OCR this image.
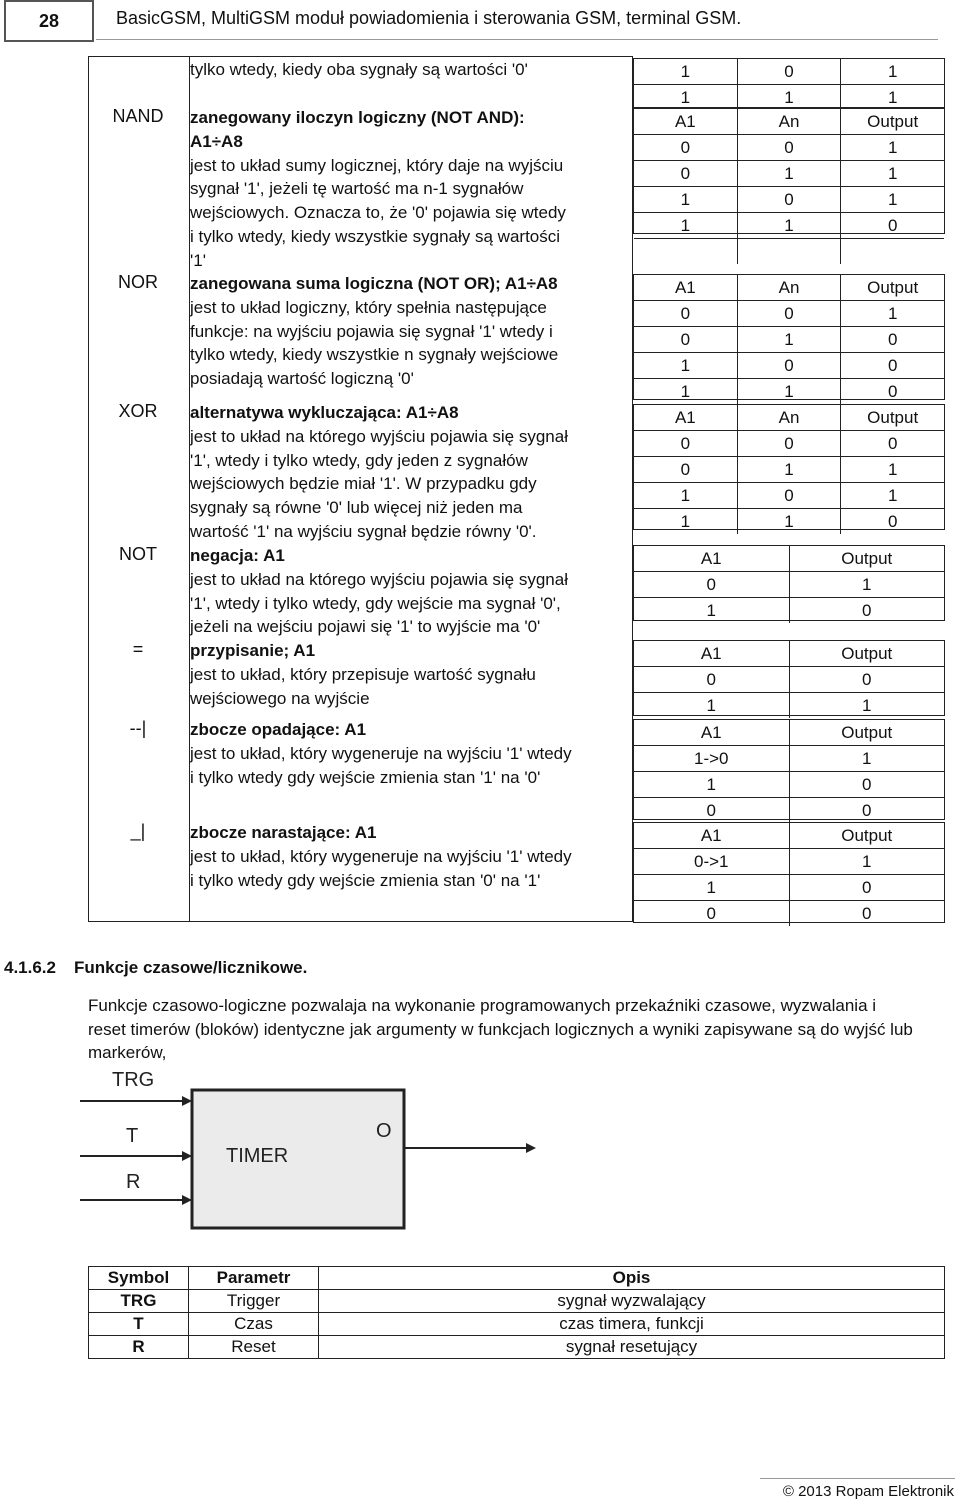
28	BasicGSM, MultiGSM moduł powiadomienia i sterowania GSM, terminal GSM.
tylko wtedy, kiedy oba sygnały są wartości '0'
NAND	zanegowany iloczyn logiczny (NOT AND):
A1÷A8
jest to układ sumy logicznej, który daje na wyjściu
sygnał '1', jeżeli tę wartość ma n-1 sygnałów
wejściowych. Oznacza to, że '0' pojawia się wtedy
i tylko wtedy, kiedy wszystkie sygnały są wartości
'1'
NOR	zanegowana suma logiczna (NOT OR); A1÷A8
jest to układ logiczny, który spełnia następujące
funkcje: na wyjściu pojawia się sygnał '1' wtedy i
tylko wtedy, kiedy wszystkie n sygnały wejściowe
posiadają wartość logiczną '0'
XOR	alternatywa wykluczająca: A1÷A8
jest to układ na którego wyjściu pojawia się sygnał
'1', wtedy i tylko wtedy, gdy jeden z sygnałów
wejściowych będzie miał '1'. W przypadku gdy
sygnały są równe '0' lub więcej niż jeden ma
wartość '1' na wyjściu sygnał będzie równy '0'.
NOT	negacja: A1
jest to układ na którego wyjściu pojawia się sygnał
'1', wtedy i tylko wtedy, gdy wejście ma sygnał '0',
jeżeli na wejściu pojawi się '1' to wyjście ma '0'
=	przypisanie; A1
jest to układ, który przepisuje wartość sygnału
wejściowego na wyjście
--|	zbocze opadające: A1
jest to układ, który wygeneruje na wyjściu '1' wtedy
i tylko wtedy gdy wejście zmienia stan '1' na '0'
_|	zbocze narastające: A1
jest to układ, który wygeneruje na wyjściu '1' wtedy
i tylko wtedy gdy wejście zmienia stan '0' na '1'
1	0	1
1	1	1
A1	An	Output
0	0	1
0	1	1
1	0	1
1	1	0
A1	An	Output
0	0	1
0	1	0
1	0	0
1	1	0
A1	An	Output
0	0	0
0	1	1
1	0	1
1	1	0
A1	Output
0	1
1	0
A1	Output
0	0
1	1
A1	Output
1->0	1
1	0
0	0
A1	Output
0->1	1
1	0
0	0
4.1.6.2 Funkcje czasowe/licznikowe.
Funkcje czasowo-logiczne pozwalaja na wykonanie programowanych przekaźniki czasowe, wyzwalania i reset timerów (bloków) identyczne jak argumenty w funkcjach logicznych a wyniki zapisywane są do wyjść lub markerów,
TIMER
TRG
T
R
O
Symbol	Parametr	Opis
TRG	Trigger	sygnał wyzwalający
T	Czas	czas timera, funkcji
R	Reset	sygnał resetujący
© 2013 Ropam Elektronik
